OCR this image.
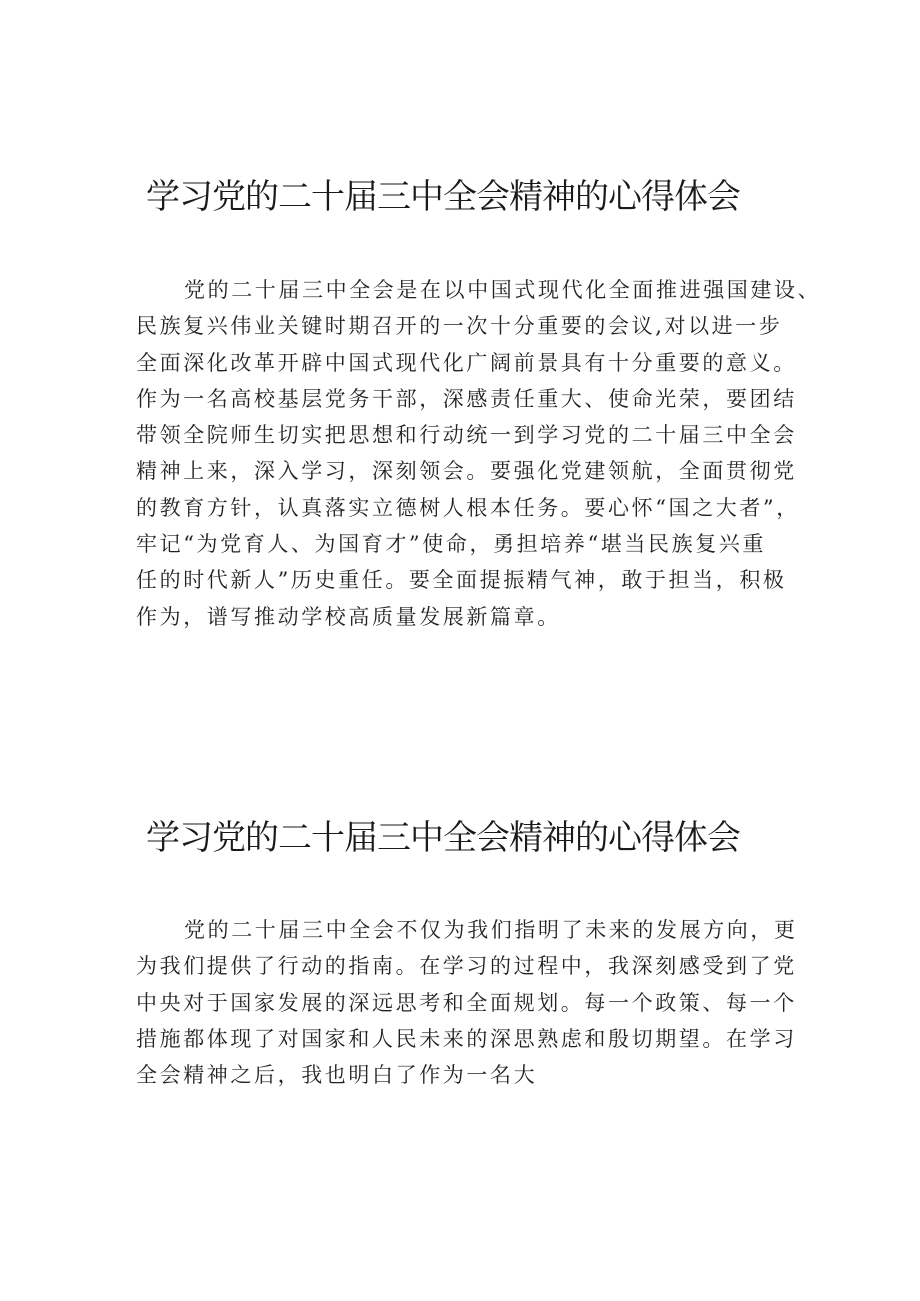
学习党的二十届三中全会精神的心得体会
党的二十届三中全会是在以中国式现代化全面推进强国建设、
民族复兴伟业关键时期召开的一次十分重要的会议,对以进一步
全面深化改革开辟中国式现代化广阔前景具有十分重要的意义。
作为一名高校基层党务干部，深感责任重大、使命光荣，要团结
带领全院师生切实把思想和行动统一到学习党的二十届三中全会
精神上来，深入学习，深刻领会。要强化党建领航，全面贯彻党
的教育方针，认真落实立德树人根本任务。要心怀“国之大者”，
牢记“为党育人、为国育才”使命，勇担培养“堪当民族复兴重
任的时代新人”历史重任。要全面提振精气神，敢于担当，积极
作为，谱写推动学校高质量发展新篇章。
学习党的二十届三中全会精神的心得体会
党的二十届三中全会不仅为我们指明了未来的发展方向，更
为我们提供了行动的指南。在学习的过程中，我深刻感受到了党
中央对于国家发展的深远思考和全面规划。每一个政策、每一个
措施都体现了对国家和人民未来的深思熟虑和殷切期望。在学习
全会精神之后，我也明白了作为一名大
